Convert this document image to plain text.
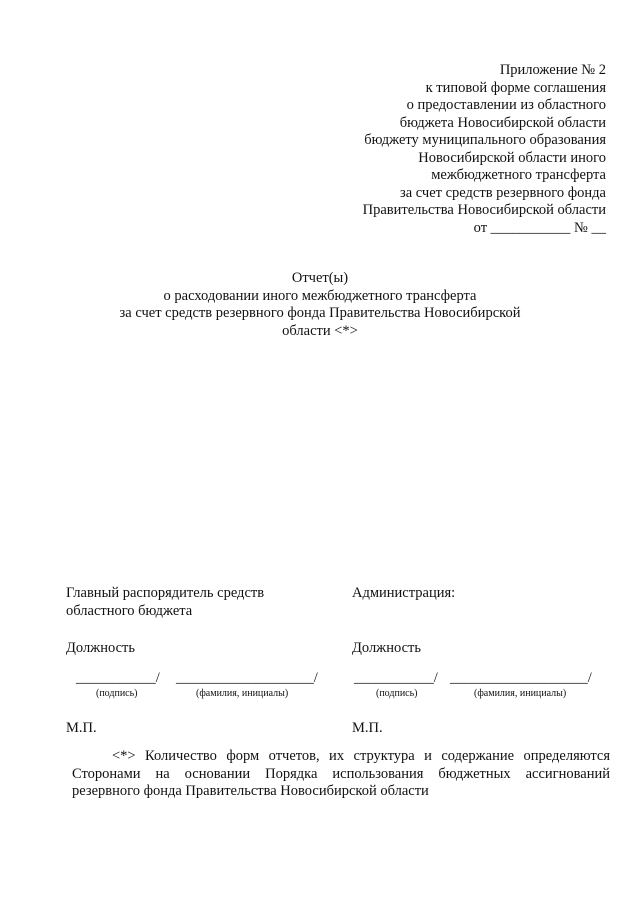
Приложение № 2
к типовой форме соглашения
о предоставлении из областного
бюджета Новосибирской области
бюджету муниципального образования
Новосибирской области иного
межбюджетного трансферта
за счет средств резервного фонда
Правительства Новосибирской области
от ___________ № __
Отчет(ы)
о расходовании иного межбюджетного трансферта
за счет средств резервного фонда Правительства Новосибирской
области <*>
Главный распорядитель средств
областного бюджета
Должность
___________/ ___________________/
(подпись)	(фамилия, инициалы)
М.П.
Администрация:
Должность
___________/ ___________________/
(подпись)	(фамилия, инициалы)
М.П.
<*> Количество форм отчетов, их структура и содержание определяются Сторонами на основании Порядка использования бюджетных ассигнований резервного фонда Правительства Новосибирской области
